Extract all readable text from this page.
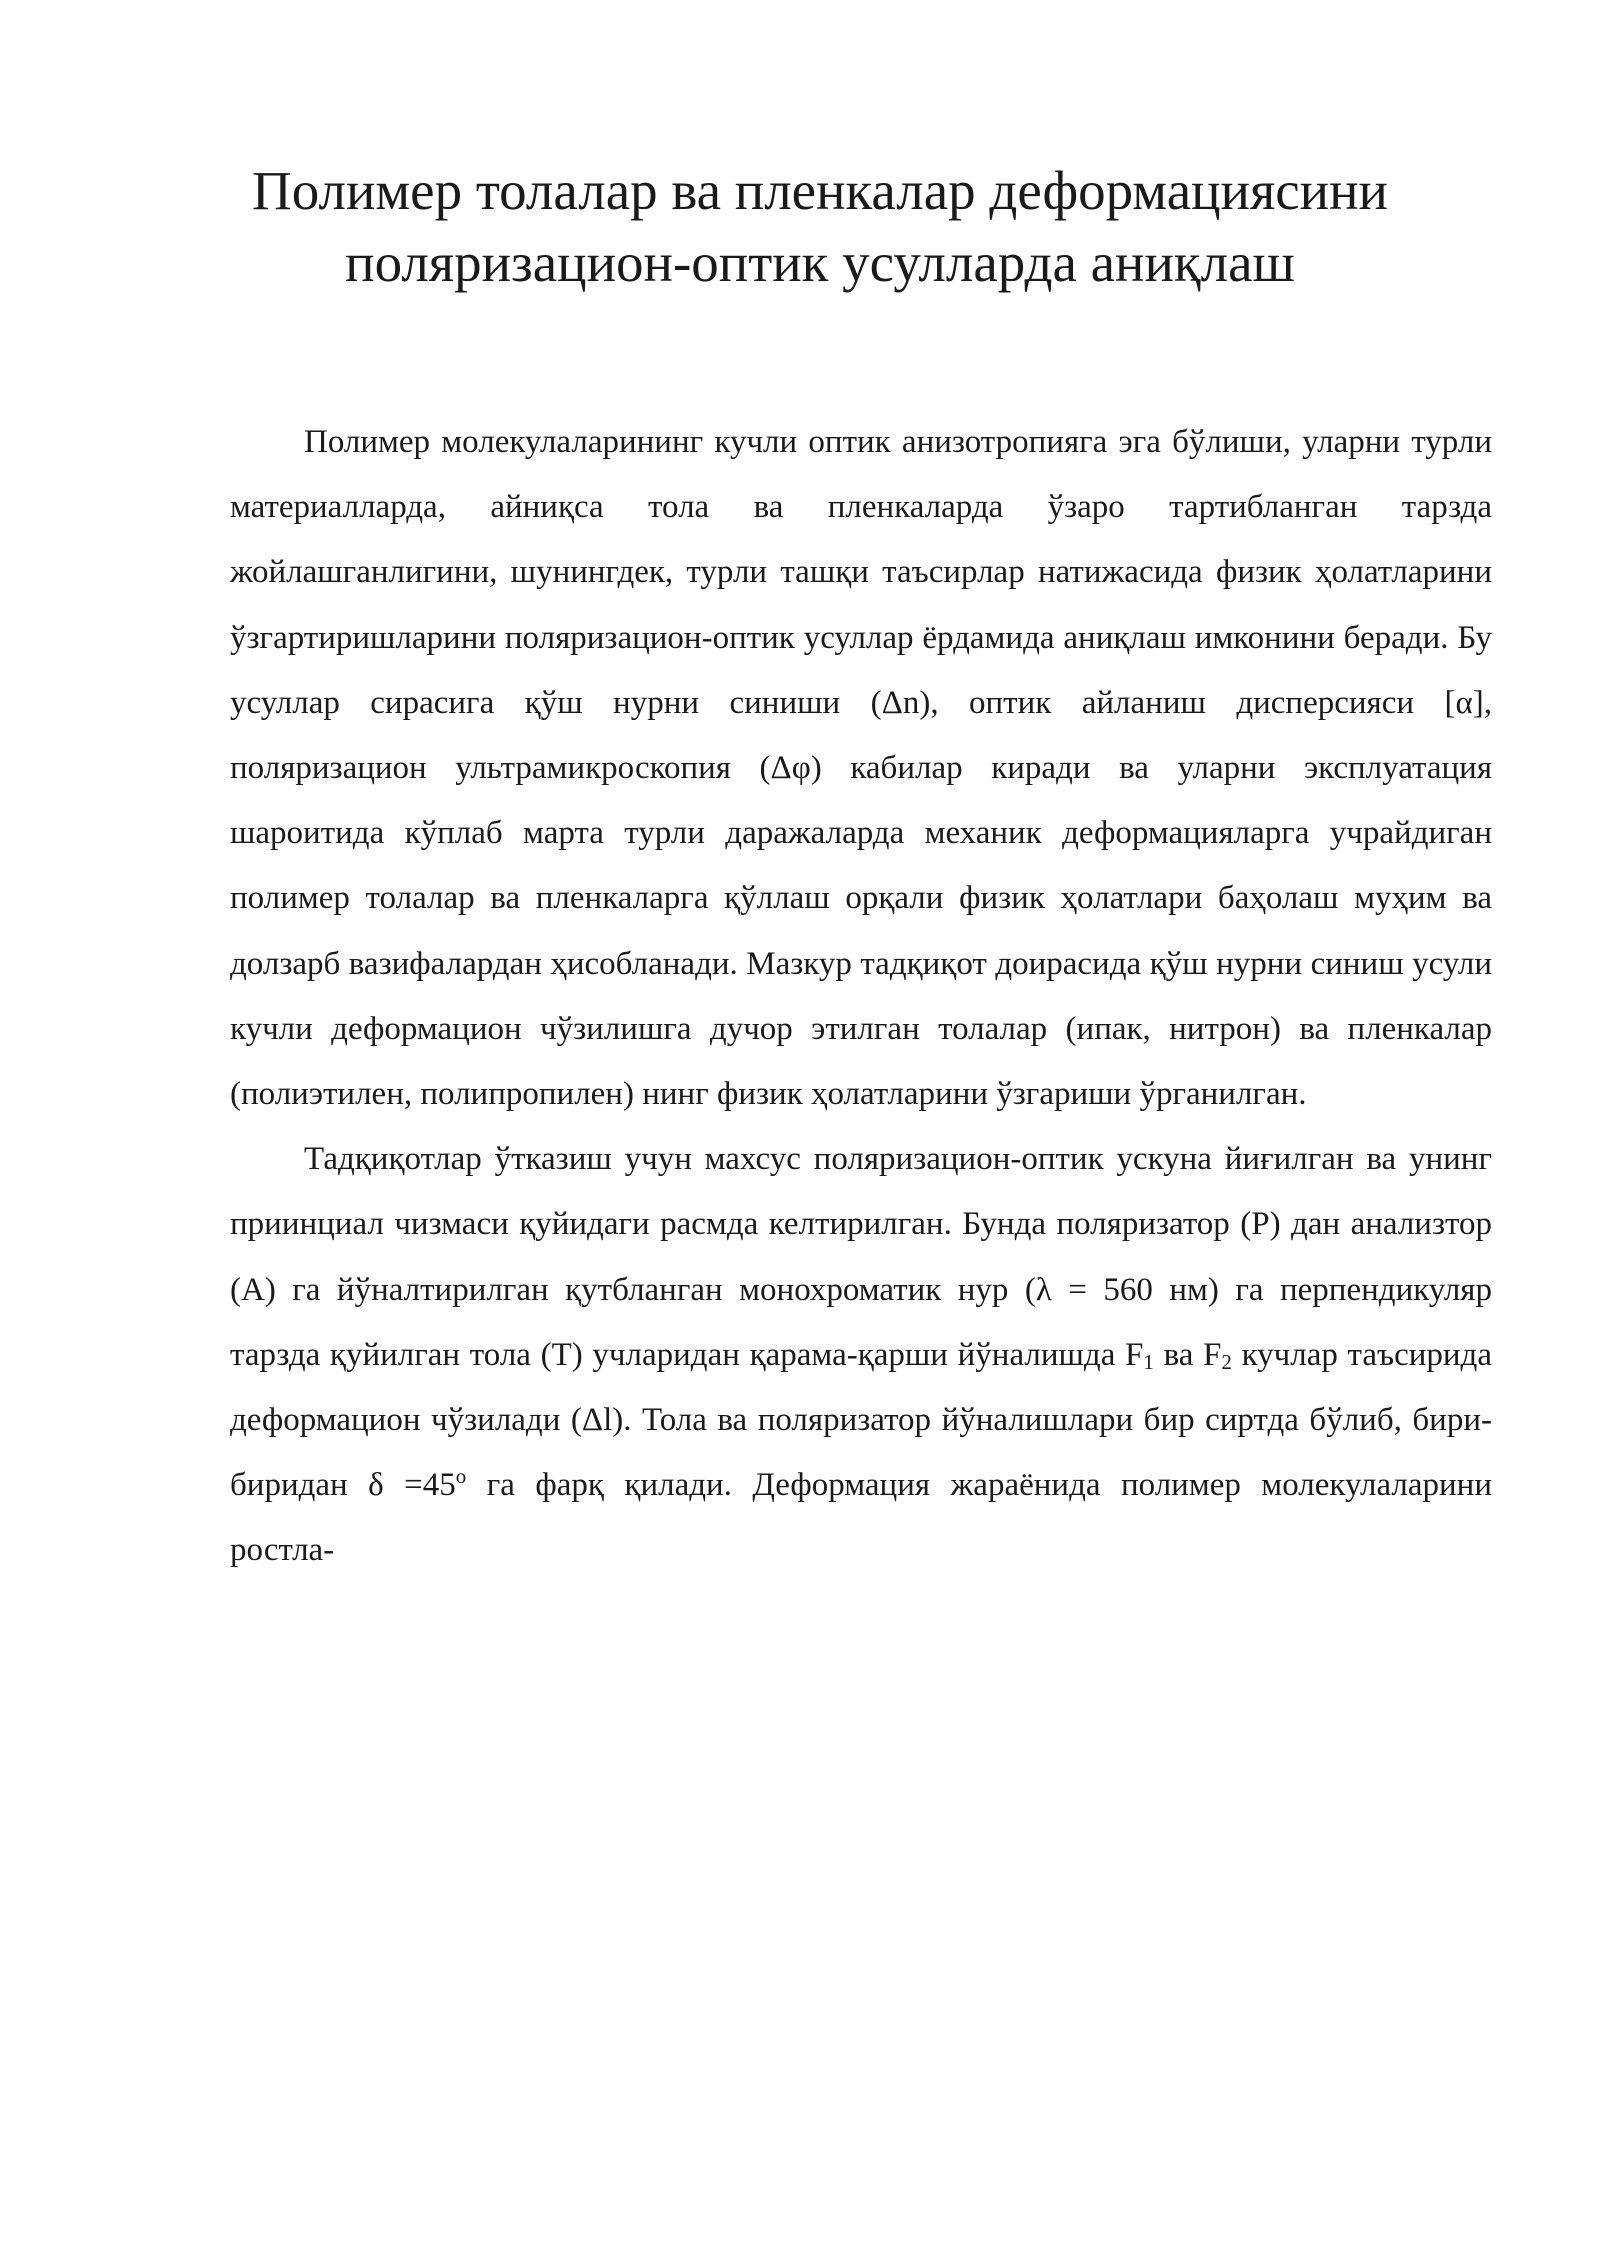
Полимер толалар ва пленкалар деформациясини
поляризацион-оптик усулларда аниқлаш

Полимер молекулаларининг кучли оптик анизотропияга эга бўлиши, уларни турли материалларда, айниқса тола ва пленкаларда ўзаро тартибланган тарзда жойлашганлигини, шунингдек, турли ташқи таъсирлар натижасида физик ҳолатларини ўзгартиришларини поляризацион-оптик усуллар ёрдамида аниқлаш имконини беради. Бу усуллар сирасига қўш нурни синиши (Δn), оптик айланиш дисперсияси [α], поляризацион ультрамикроскопия (Δφ) кабилар киради ва уларни эксплуатация шароитида кўплаб марта турли даражаларда механик деформацияларга учрайдиган полимер толалар ва пленкаларга қўллаш орқали физик ҳолатлари баҳолаш муҳим ва долзарб вазифалардан ҳисобланади. Мазкур тадқиқот доирасида қўш нурни синиш усули кучли деформацион чўзилишга дучор этилган толалар (ипак, нитрон) ва пленкалар (полиэтилен, полипропилен) нинг физик ҳолатларини ўзгариши ўрганилган.

Тадқиқотлар ўтказиш учун махсус поляризацион-оптик ускуна йиғилган ва унинг приинциал чизмаси қуйидаги расмда келтирилган. Бунда поляризатор (Р) дан анализтор (А) га йўналтирилган қутбланган монохроматик нур (λ = 560 нм) га перпендикуляр тарзда қуйилган тола (Т) учларидан қарама-қарши йўналишда $F_1$ ва $F_2$ кучлар таъсирида деформацион чўзилади (Δl). Тола ва поляризатор йўналишлари бир сиртда бўлиб, бири-биридан $\delta =45^о$ га фарқ қилади. Деформация жараёнида полимер молекулаларини ростла-
